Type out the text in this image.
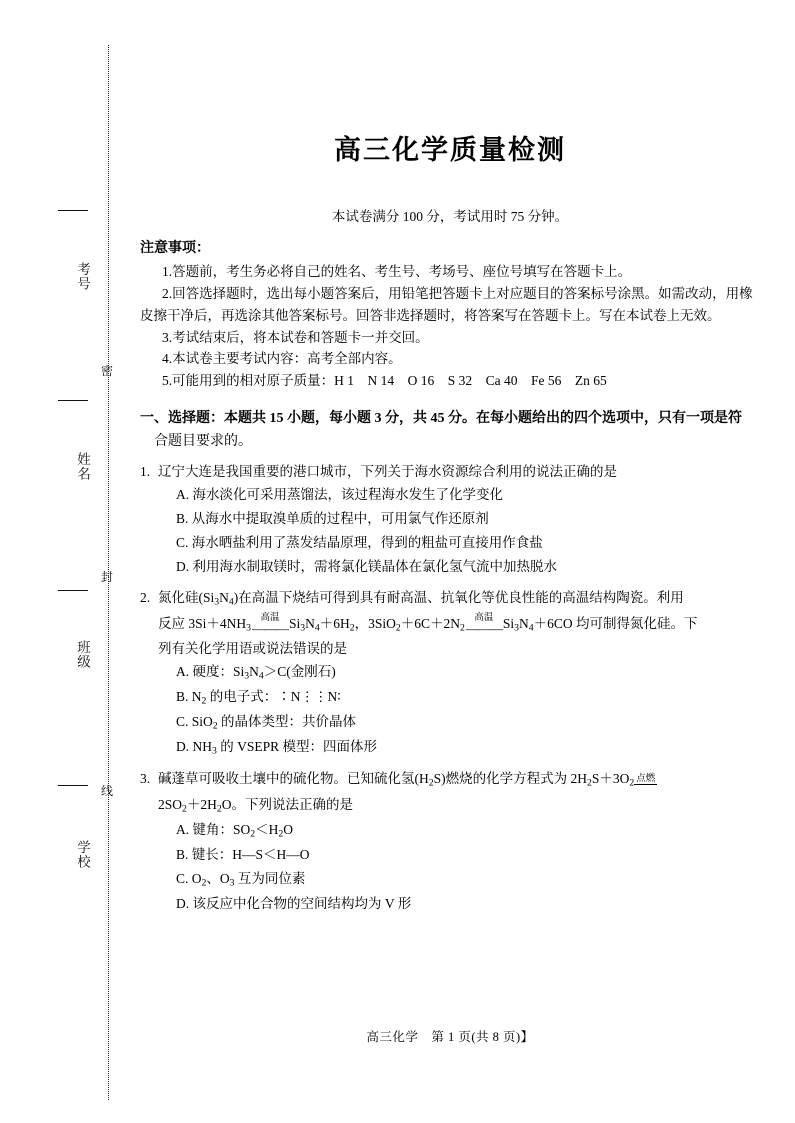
考号
姓名
班级
学校
密
封
线
高三化学质量检测
本试卷满分 100 分，考试用时 75 分钟。
注意事项：
1.答题前，考生务必将自己的姓名、考生号、考场号、座位号填写在答题卡上。
2.回答选择题时，选出每小题答案后，用铅笔把答题卡上对应题目的答案标号涂黑。如需改动，用橡皮擦干净后，再选涂其他答案标号。回答非选择题时，将答案写在答题卡上。写在本试卷上无效。
3.考试结束后，将本试卷和答题卡一并交回。
4.本试卷主要考试内容：高考全部内容。
5.可能用到的相对原子质量：H 1　N 14　O 16　S 32　Ca 40　Fe 56　Zn 65
一、选择题：本题共 15 小题，每小题 3 分，共 45 分。在每小题给出的四个选项中，只有一项是符
合题目要求的。
1. 辽宁大连是我国重要的港口城市，下列关于海水资源综合利用的说法正确的是
A. 海水淡化可采用蒸馏法，该过程海水发生了化学变化
B. 从海水中提取溴单质的过程中，可用氯气作还原剂
C. 海水晒盐利用了蒸发结晶原理，得到的粗盐可直接用作食盐
D. 利用海水制取镁时，需将氯化镁晶体在氯化氢气流中加热脱水
2. 氮化硅$(Si_3N_4)$在高温下烧结可得到具有耐高温、抗氧化等优良性能的高温结构陶瓷。利用
反应 $3Si+4NH_3$
高温
——— $Si_3N_4+6H_2$，$3SiO_2+6C+2N_2$
高温
——— $Si_3N_4+6CO$ 均可制得氮化硅。下
列有关化学用语或说法错误的是
A. 硬度：$Si_3N_4>C$(金刚石)
B. $N_2$ 的电子式：∶N⋮⋮N∶
C. SiO$_2$ 的晶体类型：共价晶体
D. $NH_3$ 的 VSEPR 模型：四面体形
3. 碱蓬草可吸收土壤中的硫化物。已知硫化氢$(H_2S)$燃烧的化学方程式为 $2H_2S+3O_2$ 点燃
$2SO_2+2H_2O$。下列说法正确的是
A. 键角：$SO_2<H_2O$
B. 键长：H—S＜H—O
C. $O_2$、$O_3$ 互为同位素
D. 该反应中化合物的空间结构均为 V 形
高三化学　第 1 页(共 8 页)】
